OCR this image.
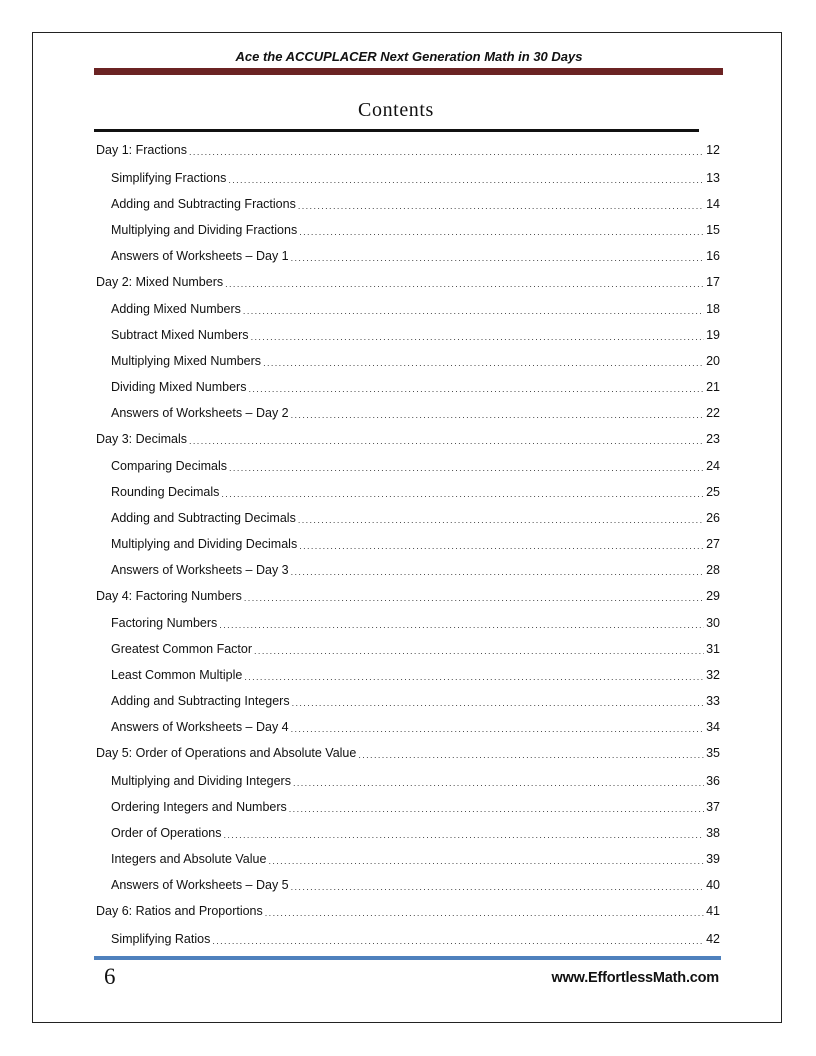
Ace the ACCUPLACER Next Generation Math in 30 Days
Contents
Day 1: Fractions .....	12
Simplifying Fractions .....	13
Adding and Subtracting Fractions .....	14
Multiplying and Dividing Fractions .....	15
Answers of Worksheets – Day 1 .....	16
Day 2: Mixed Numbers .....	17
Adding Mixed Numbers .....	18
Subtract Mixed Numbers .....	19
Multiplying Mixed Numbers .....	20
Dividing Mixed Numbers .....	21
Answers of Worksheets – Day 2 .....	22
Day 3: Decimals .....	23
Comparing Decimals .....	24
Rounding Decimals .....	25
Adding and Subtracting Decimals .....	26
Multiplying and Dividing Decimals .....	27
Answers of Worksheets – Day 3 .....	28
Day 4: Factoring Numbers .....	29
Factoring Numbers .....	30
Greatest Common Factor .....	31
Least Common Multiple .....	32
Adding and Subtracting Integers .....	33
Answers of Worksheets – Day 4 .....	34
Day 5: Order of Operations and Absolute Value .....	35
Multiplying and Dividing Integers .....	36
Ordering Integers and Numbers .....	37
Order of Operations .....	38
Integers and Absolute Value .....	39
Answers of Worksheets – Day 5 .....	40
Day 6: Ratios and Proportions .....	41
Simplifying Ratios .....	42
6	www.EffortlessMath.com
